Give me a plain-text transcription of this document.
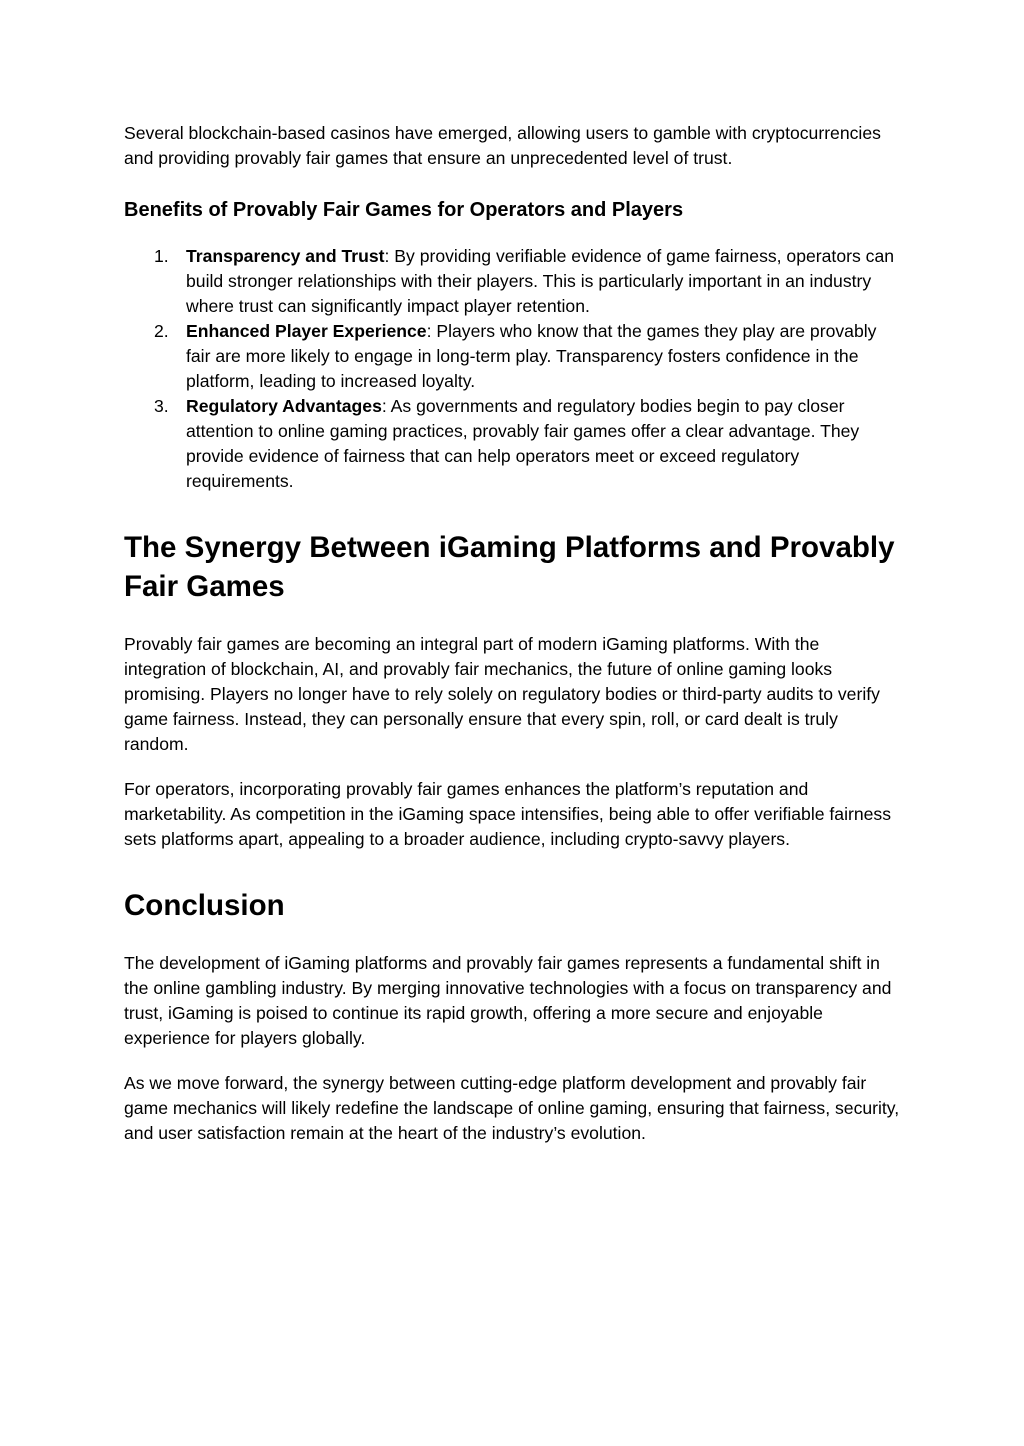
Several blockchain-based casinos have emerged, allowing users to gamble with cryptocurrencies and providing provably fair games that ensure an unprecedented level of trust.

Benefits of Provably Fair Games for Operators and Players
1. Transparency and Trust: By providing verifiable evidence of game fairness, operators can build stronger relationships with their players. This is particularly important in an industry where trust can significantly impact player retention.
2. Enhanced Player Experience: Players who know that the games they play are provably fair are more likely to engage in long-term play. Transparency fosters confidence in the platform, leading to increased loyalty.
3. Regulatory Advantages: As governments and regulatory bodies begin to pay closer attention to online gaming practices, provably fair games offer a clear advantage. They provide evidence of fairness that can help operators meet or exceed regulatory requirements.
The Synergy Between iGaming Platforms and Provably Fair Games

Provably fair games are becoming an integral part of modern iGaming platforms. With the integration of blockchain, AI, and provably fair mechanics, the future of online gaming looks promising. Players no longer have to rely solely on regulatory bodies or third-party audits to verify game fairness. Instead, they can personally ensure that every spin, roll, or card dealt is truly random.

For operators, incorporating provably fair games enhances the platform’s reputation and marketability. As competition in the iGaming space intensifies, being able to offer verifiable fairness sets platforms apart, appealing to a broader audience, including crypto-savvy players.

Conclusion

The development of iGaming platforms and provably fair games represents a fundamental shift in the online gambling industry. By merging innovative technologies with a focus on transparency and trust, iGaming is poised to continue its rapid growth, offering a more secure and enjoyable experience for players globally.

As we move forward, the synergy between cutting-edge platform development and provably fair game mechanics will likely redefine the landscape of online gaming, ensuring that fairness, security, and user satisfaction remain at the heart of the industry’s evolution.
